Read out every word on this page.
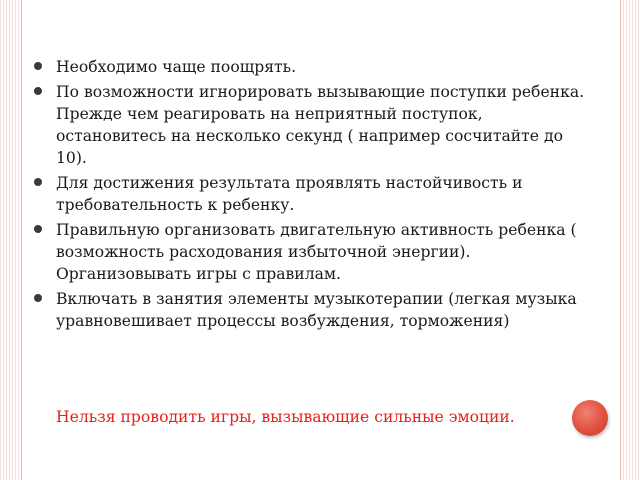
Необходимо чаще поощрять.
По возможности игнорировать вызывающие поступки ребенка. Прежде чем реагировать на неприятный поступок, остановитесь на несколько секунд ( например сосчитайте до 10).
Для достижения результата проявлять настойчивость и требовательность к ребенку.
Правильную организовать двигательную активность ребенка ( возможность расходования избыточной энергии). Организовывать игры с правилам.
Включать в занятия элементы музыкотерапии (легкая музыка уравновешивает процессы возбуждения, торможения)
Нельзя проводить игры, вызывающие сильные эмоции.
